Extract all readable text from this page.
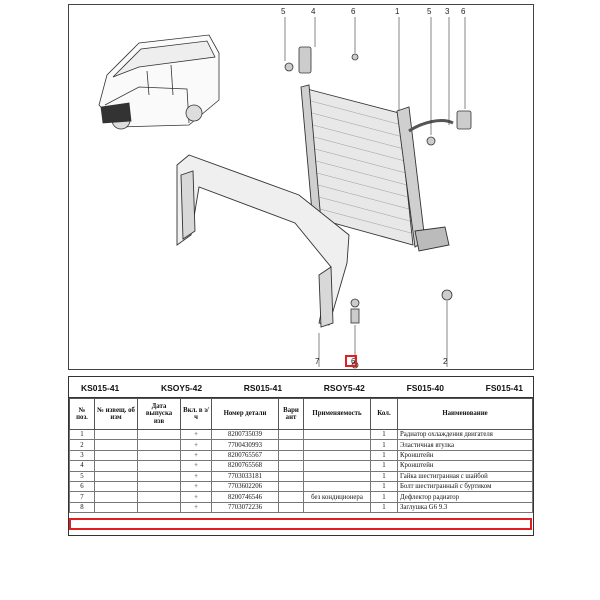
5	4	6	1	5 3 6
7	6	2
KS015-41	KSOY5-42	RS015-41	RSOY5-42	FS015-40	FS015-41
№ поз.	№ извещ. об изм	Дата выпуска изв	Вкл. в з/ч	Номер детали	Вари ант	Применяемость	Кол.	Наименование
1			+	8200735039			1	Радиатор охлаждения двигателя
2			+	7700430993			1	Эластичная втулка
3			+	8200765567			1	Кронштейн
4			+	8200765568			1	Кронштейн
5			+	7703033181			1	Гайка шестигранная с шайбой
6			+	7703602206			1	Болт шестигранный с буртиком
7			+	8200746546		без кондиционера	1	Дефлектор радиатор
8			+	7703072236			1	Заглушка G6 9.3
